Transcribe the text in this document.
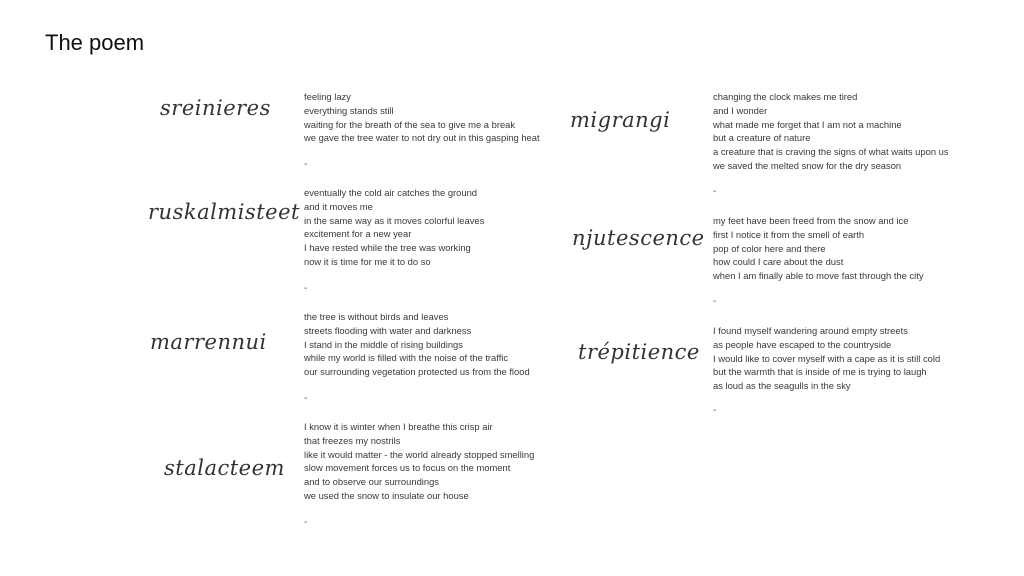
The poem
sreinieres	feeling lazy
everything stands still
waiting for the breath of the sea to give me a break
we gave the tree water to not dry out in this gasping heat
-
ruskalmisteet
eventually the cold air catches the ground
and it moves me
in the same way as it moves colorful leaves
excitement for a new year
I have rested while the tree was working
now it is time for me it to do so
-
marrennui
the tree is without birds and leaves
streets flooding with water and darkness
I stand in the middle of rising buildings
while my world is filled with the noise of the traffic
our surrounding vegetation protected us from the flood
-
stalacteem
I know it is winter when I breathe this crisp air
that freezes my nostrils
like it would matter - the world already stopped smelling
slow movement forces us to focus on the moment
and to observe our surroundings
we used the snow to insulate our house
-
migrangi
changing the clock makes me tired
and I wonder
what made me forget that I am not a machine
but a creature of nature
a creature that is craving the signs of what waits upon us
we saved the melted snow for the dry season
-
njutescence
my feet have been freed from the snow and ice
first I notice it from the smell of earth
pop of color here and there
how could I care about the dust
when I am finally able to move fast through the city
-
trépitience
I found myself wandering around empty streets
as people have escaped to the countryside
I would like to cover myself with a cape as it is still cold
but the warmth that is inside of me is trying to laugh
as loud as the seagulls in the sky
-
